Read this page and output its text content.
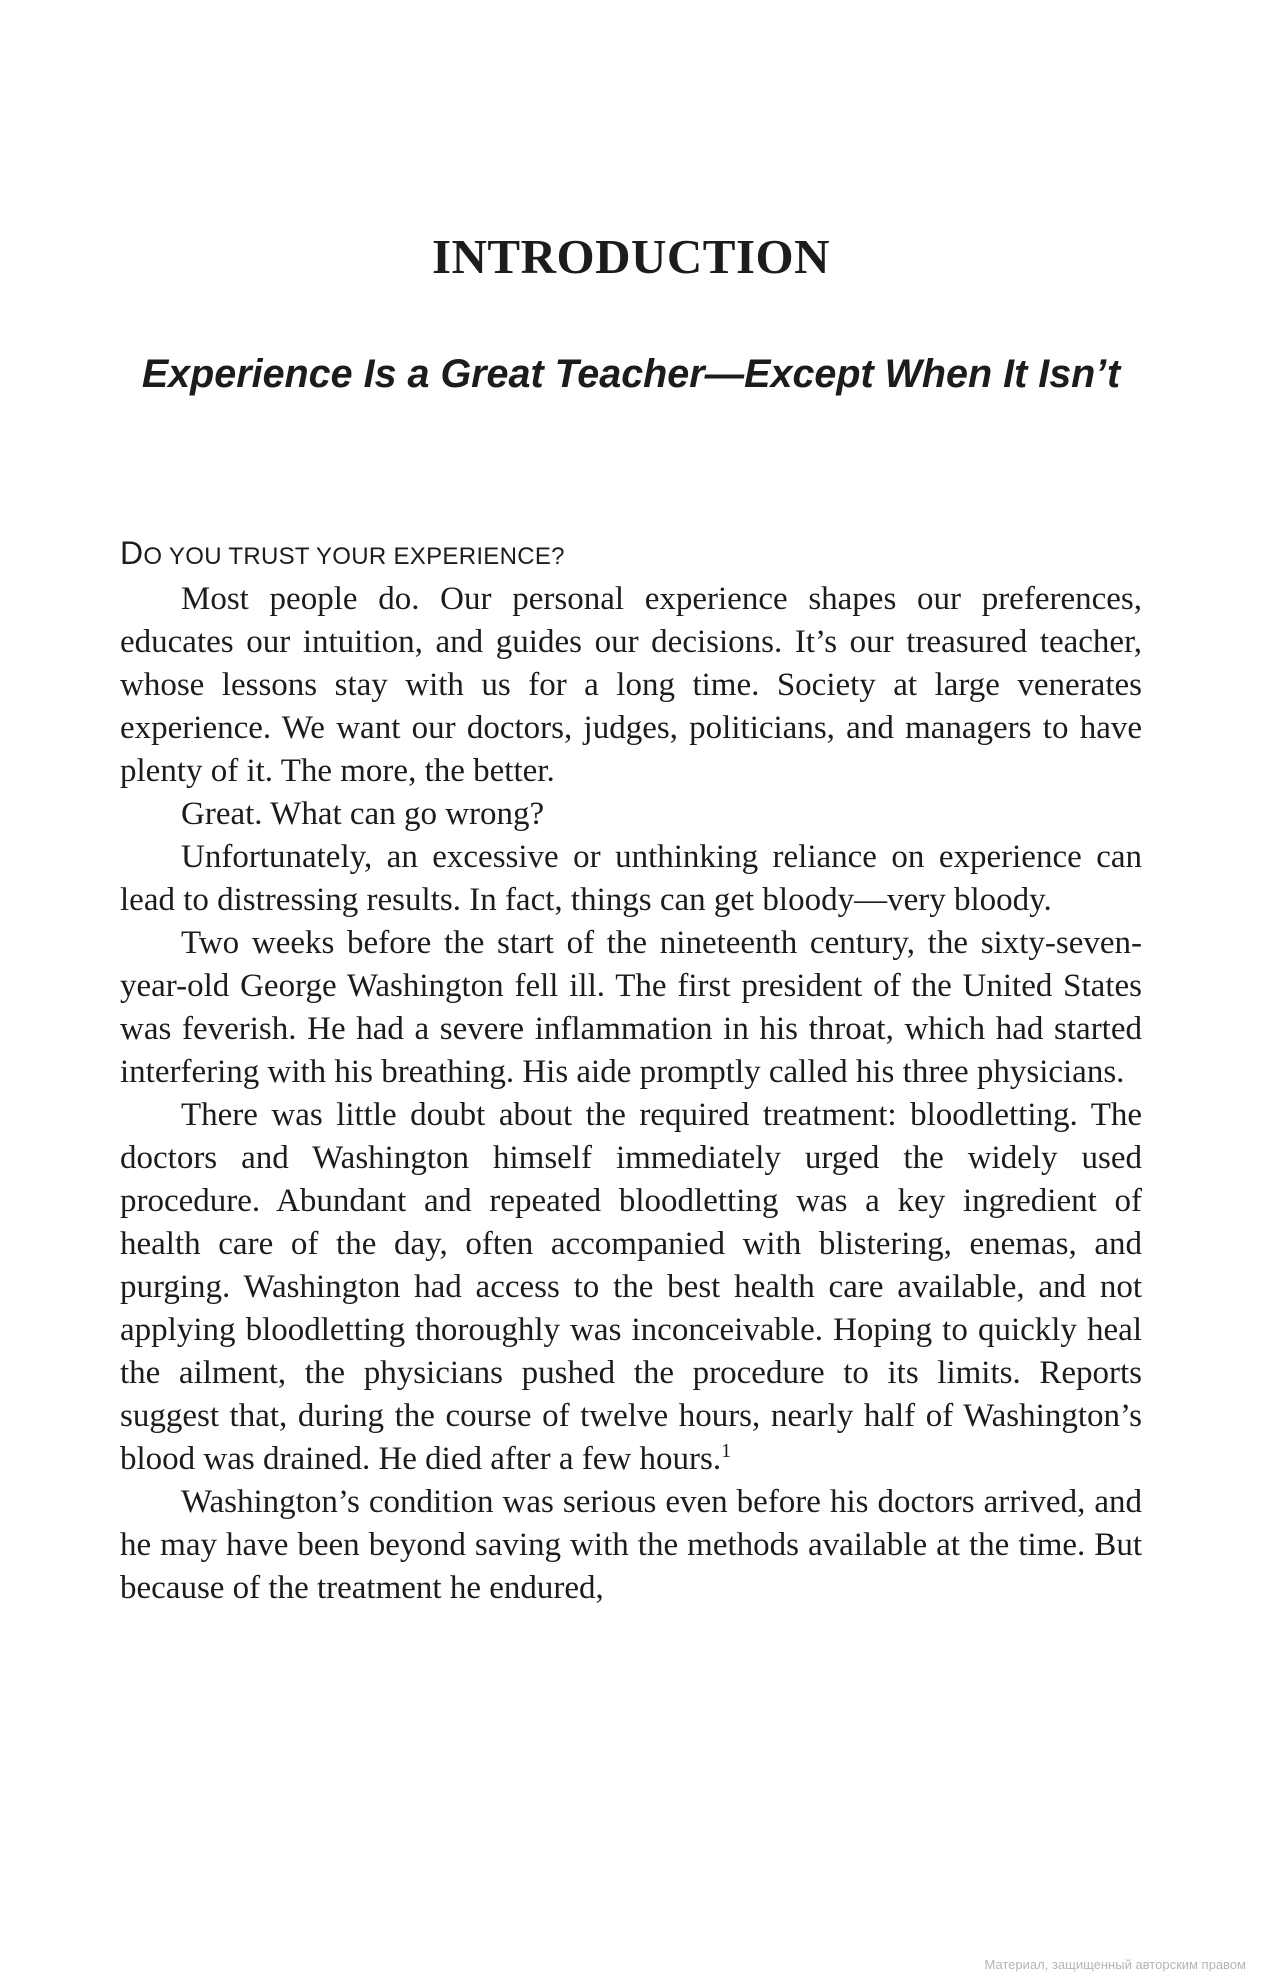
INTRODUCTION
Experience Is a Great Teacher—Except When It Isn’t

DO YOU TRUST YOUR EXPERIENCE?

Most people do. Our personal experience shapes our preferences, educates our intuition, and guides our decisions. It’s our treasured teacher, whose lessons stay with us for a long time. Society at large venerates experience. We want our doctors, judges, politicians, and managers to have plenty of it. The more, the better.

Great. What can go wrong?

Unfortunately, an excessive or unthinking reliance on experience can lead to distressing results. In fact, things can get bloody—very bloody.

Two weeks before the start of the nineteenth century, the sixty-seven-year-old George Washington fell ill. The first president of the United States was feverish. He had a severe inflammation in his throat, which had started interfering with his breathing. His aide promptly called his three physicians.

There was little doubt about the required treatment: bloodletting. The doctors and Washington himself immediately urged the widely used procedure. Abundant and repeated bloodletting was a key ingredient of health care of the day, often accompanied with blistering, enemas, and purging. Washington had access to the best health care available, and not applying bloodletting thoroughly was inconceivable. Hoping to quickly heal the ailment, the physicians pushed the procedure to its limits. Reports suggest that, during the course of twelve hours, nearly half of Washington’s blood was drained. He died after a few hours.$^1$

Washington’s condition was serious even before his doctors arrived, and he may have been beyond saving with the methods available at the time. But because of the treatment he endured,

Материал, защищенный авторским правом
